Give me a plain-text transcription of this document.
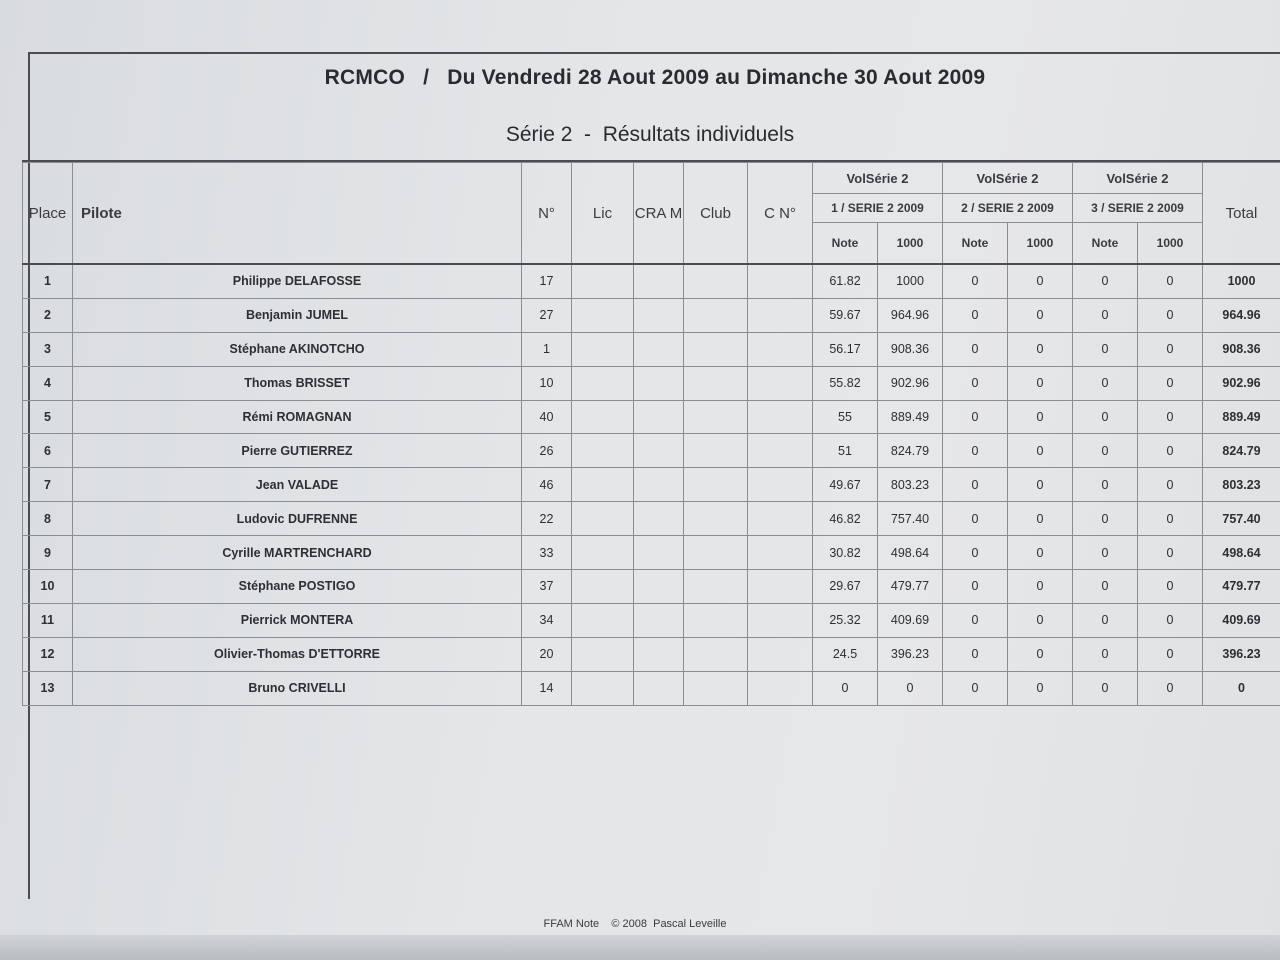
RCMCO   /   Du Vendredi 28 Aout 2009 au Dimanche 30 Aout 2009
Série 2  -  Résultats individuels
Place	Pilote	N°	Lic	CRA M	Club	C N°	VolSérie 2		VolSérie 2		VolSérie 2		Total
							1 / SERIE 2 2009		2 / SERIE 2 2009		3 / SERIE 2 2009		
							Note	1000	Note	1000	Note	1000	
1	Philippe DELAFOSSE	17					61.82	1000	0	0	0	0	1000
2	Benjamin JUMEL	27					59.67	964.96	0	0	0	0	964.96
3	Stéphane AKINOTCHO	1					56.17	908.36	0	0	0	0	908.36
4	Thomas BRISSET	10					55.82	902.96	0	0	0	0	902.96
5	Rémi ROMAGNAN	40					55	889.49	0	0	0	0	889.49
6	Pierre GUTIERREZ	26					51	824.79	0	0	0	0	824.79
7	Jean VALADE	46					49.67	803.23	0	0	0	0	803.23
8	Ludovic DUFRENNE	22					46.82	757.40	0	0	0	0	757.40
9	Cyrille MARTRENCHARD	33					30.82	498.64	0	0	0	0	498.64
10	Stéphane POSTIGO	37					29.67	479.77	0	0	0	0	479.77
11	Pierrick MONTERA	34					25.32	409.69	0	0	0	0	409.69
12	Olivier-Thomas D'ETTORRE	20					24.5	396.23	0	0	0	0	396.23
13	Bruno CRIVELLI	14					0	0	0	0	0	0	0
FFAM Note    © 2008  Pascal Leveille
